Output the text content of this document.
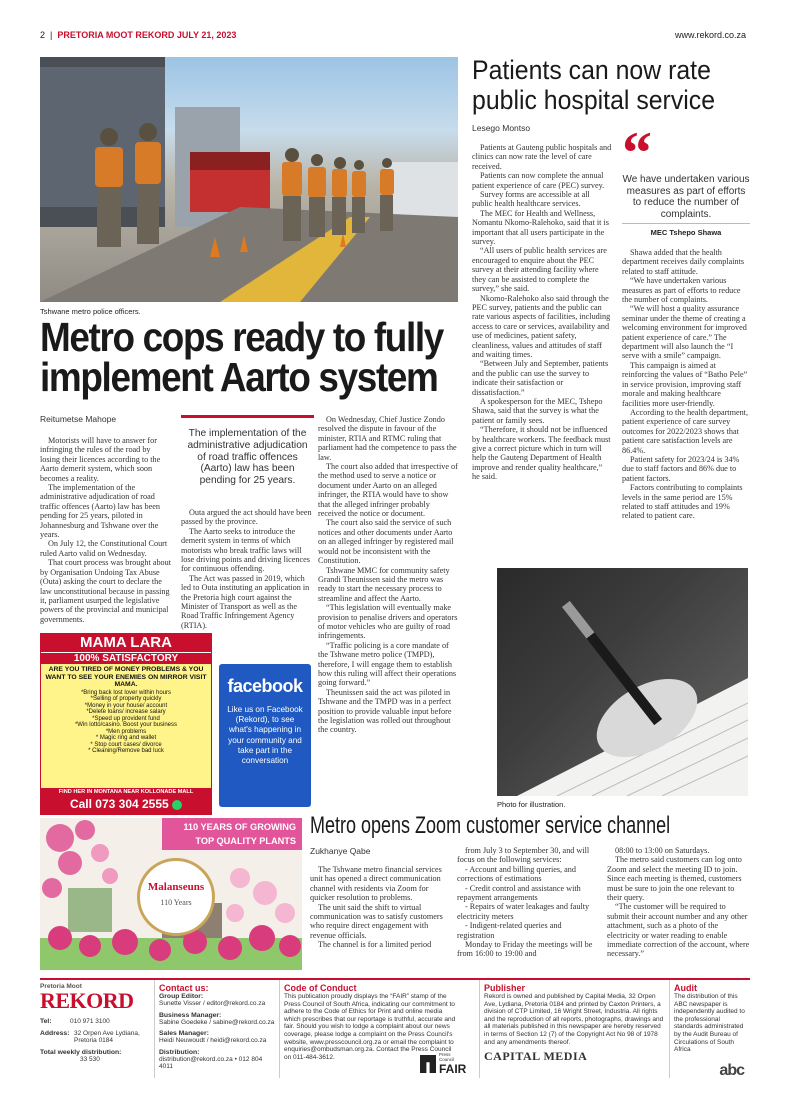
2  |  PRETORIA MOOT REKORD JULY 21, 2023	www.rekord.co.za
Tshwane metro police officers.
Metro cops ready to fully
implement Aarto system
Reitumetse Mahope

Motorists will have to answer for infringing the rules of the road by losing their licences according to the Aarto demerit system, which soon becomes a reality.

The implementation of the administrative adjudication of road traffic offences (Aarto) law has been pending for 25 years, piloted in Johannesburg and Tshwane over the years.

On July 12, the Constitutional Court ruled Aarto valid on Wednesday.

That court process was brought about by Organisation Undoing Tax Abuse (Outa) asking the court to declare the law unconstitutional because in passing it, parliament usurped the legislative powers of the provincial and municipal governments.

The implementation of the administrative adjudication of road traffic offences (Aarto) law has been pending for 25 years.

Outa argued the act should have been passed by the province.

The Aarto seeks to introduce the demerit system in terms of which motorists who break traffic laws will lose driving points and driving licences for continuous offending.

The Act was passed in 2019, which led to Outa instituting an application in the Pretoria high court against the Minister of Transport as well as the Road Traffic Infringement Agency (RTIA).

On Wednesday, Chief Justice Zondo resolved the dispute in favour of the minister, RTIA and RTMC ruling that parliament had the competence to pass the law.

The court also added that irrespective of the method used to serve a notice or document under Aarto on an alleged infringer, the RTIA would have to show that the alleged infringer probably received the notice or document.

The court also said the service of such notices and other documents under Aarto on an alleged infringer by registered mail would not be inconsistent with the Constitution.

Tshwane MMC for community safety Grandi Theunissen said the metro was ready to start the necessary process to streamline and affect the Aarto.

“This legislation will eventually make provision to penalise drivers and operators of motor vehicles who are guilty of road infringements.

“Traffic policing is a core mandate of the Tshwane metro police (TMPD), therefore, I will engage them to establish how this ruling will affect their operations going forward.”

Theunissen said the act was piloted in Tshwane and the TMPD was in a perfect position to provide valuable input before the legislation was rolled out throughout the country.

Patients can now rate
public hospital service
Lesego Montso

Patients at Gauteng public hospitals and clinics can now rate the level of care received.

Patients can now complete the annual patient experience of care (PEC) survey.

Survey forms are accessible at all public health healthcare services.

The MEC for Health and Wellness, Nomantu Nkomo-Ralehoko, said that it is important that all users participate in the survey.

“All users of public health services are encouraged to enquire about the PEC survey at their attending facility where they can be assisted to complete the survey,” she said.

Nkomo-Ralehoko also said through the PEC survey, patients and the public can rate various aspects of facilities, including access to care or services, availability and use of medicines, patient safety, cleanliness, values and attitudes of staff and waiting times.

“Between July and September, patients and the public can use the survey to indicate their satisfaction or dissatisfaction.”

A spokesperson for the MEC, Tshepo Shawa, said that the survey is what the patient or family sees.

“Therefore, it should not be influenced by healthcare workers. The feedback must give a correct picture which in turn will help the Gauteng Department of Health improve and render quality healthcare,” he said.

“
We have undertaken various measures as part of efforts to reduce the number of complaints.
MEC Tshepo Shawa

Shawa added that the health department receives daily complaints related to staff attitude.

“We have undertaken various measures as part of efforts to reduce the number of complaints.

“We will host a quality assurance seminar under the theme of creating a welcoming environment for improved patient experience of care.” The department will also launch the “I serve with a smile” campaign.

This campaign is aimed at reinforcing the values of “Batho Pele” in service provision, improving staff morale and making healthcare facilities more user-friendly.

According to the health department, patient experience of care survey outcomes for 2022/2023 shows that patient care satisfaction levels are 86.4%.

Patient safety for 2023/24 is 34% due to staff factors and 86% due to patient factors.

Factors contributing to complaints levels in the same period are 15% related to staff attitudes and 19% related to patient care.

Photo for illustration.
MAMA LARA
100% SATISFACTORY
ARE YOU TIRED OF MONEY PROBLEMS & YOU WANT TO SEE YOUR ENEMIES ON MIRROR VISIT MAMA.
*Bring back lost lover within hours
*Selling of property quickly
*Money in your house/ account
*Delete loans/ increase salary
*Speed up provident fund
*Win lotto/casino. Boost your business
*Men problems
* Magic ring and wallet
* Stop court cases/ divorce
* Cleaning/Remove bad luck
FIND HER IN MONTANA NEAR KOLLONADE MALL
Call 073 304 2555
facebook
Like us on Facebook (Rekord), to see what's happening in your community and take part in the conversation
110 YEARS OF GROWING TOP QUALITY PLANTS
Malanseuns
110 Years
Metro opens Zoom customer service channel
Zukhanye Qabe

The Tshwane metro financial services unit has opened a direct communication channel with residents via Zoom for quicker resolution to problems.

The unit said the shift to virtual communication was to satisfy customers who require direct engagement with revenue officials.

The channel is for a limited period

from July 3 to September 30, and will focus on the following services:

- Account and billing queries, and corrections of estimations

- Credit control and assistance with repayment arrangements

- Repairs of water leakages and faulty electricity meters

- Indigent-related queries and registration

Monday to Friday the meetings will be from 16:00 to 19:00 and

08:00 to 13:00 on Saturdays.

The metro said customers can log onto Zoom and select the meeting ID to join. Since each meeting is themed, customers must be sure to join the one relevant to their query.

“The customer will be required to submit their account number and any other attachment, such as a photo of the electricity or water reading to enable immediate correction of the account, where necessary.”

Pretoria Moot
REKORD
Tel:	010 971 3100
Address: 32 Orpen Ave Lydiana, Pretoria 0184
Total weekly distribution:
33 530
Contact us:
Group Editor:
Sunette Visser / editor@rekord.co.za
Business Manager:
Sabine Goedeke / sabine@rekord.co.za
Sales Manager:
Heidi Neuwoudt / heidi@rekord.co.za
Distribution:
distribution@rekord.co.za • 012 804 4011
Code of Conduct
This publication proudly displays the “FAIR” stamp of the Press Council of South Africa, indicating our commitment to adhere to the Code of Ethics for Print and online media which prescribes that our reportage is truthful, accurate and fair. Should you wish to lodge a complaint about our news coverage, please lodge a complaint on the Press Council's website, www.presscouncil.org.za or email the complaint to enquiries@ombudsman.org.za. Contact the Press Council on 011-484-3612.	Press Council
FAIR
Publisher
Rekord is owned and published by Capital Media, 32 Orpen Ave, Lydiana, Pretoria 0184 and printed by Caxton Printers, a division of CTP Limited, 16 Wright Street, Industria. All rights and the reproduction of all reports, photographs, drawings and all materials published in this newspaper are hereby reserved in terms of Section 12 (7) of the Copyright Act No 98 of 1978 and any amendments thereof.
CAPITAL MEDIA
Audit
The distribution of this ABC newspaper is independently audited to the professional standards administrated by the Audit Bureau of Circulations of South Africa
abc
